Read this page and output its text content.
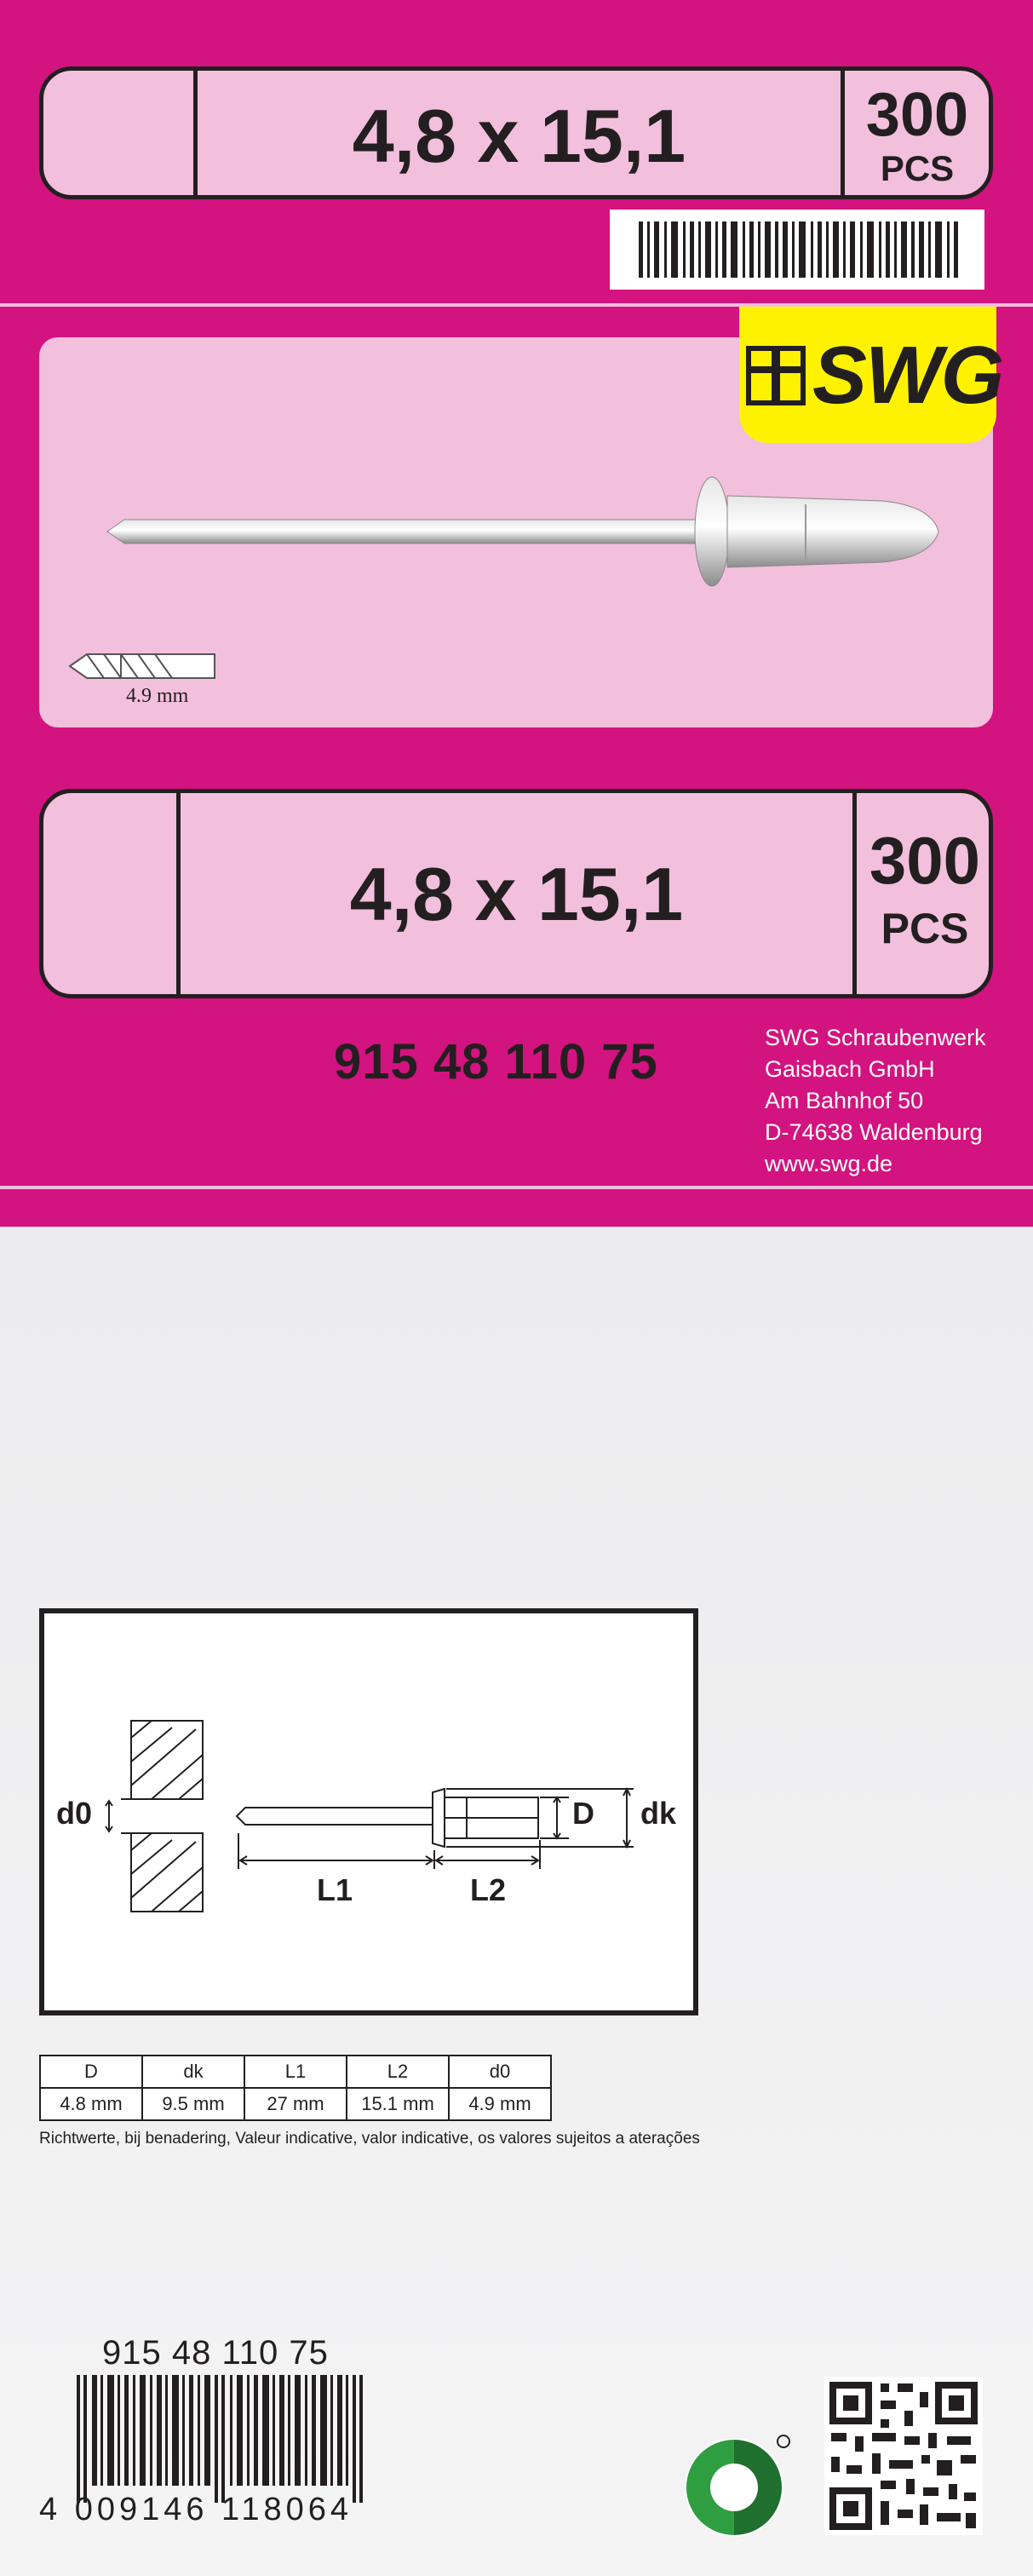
4,8 x 15,1	300
PCS
4.9 mm
SWG
4,8 x 15,1	300
PCS
915 48 110 75	SWG Schraubenwerk
Gaisbach GmbH
Am Bahnhof 50
D-74638 Waldenburg
www.swg.de
d0	D dk
L1	L2
D	dk	L1	L2	d0
4.8 mm	9.5 mm	27 mm	15.1 mm	4.9 mm
Richtwerte, bij benadering, Valeur indicative, valor indicative, os valores sujeitos a aterações
915 48 110 75
4 009146 118064
